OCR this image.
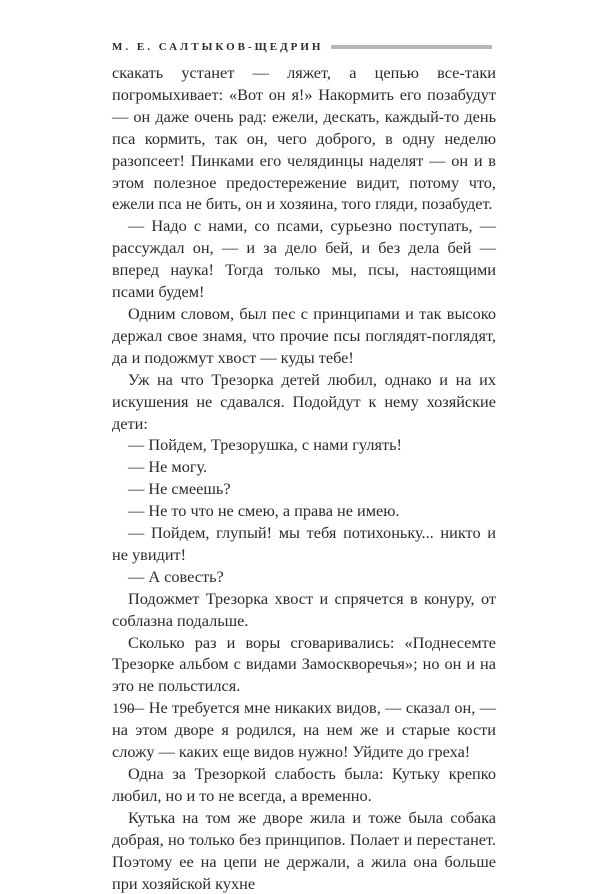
М. Е. САЛТЫКОВ-ЩЕДРИН

скакать устанет — ляжет, а цепью все-таки погромыхивает: «Вот он я!» Накормить его позабудут — он даже очень рад: ежели, дескать, каждый-то день пса кормить, так он, чего доброго, в одну неделю разопсеет! Пинками его челядинцы наделят — он и в этом полезное предостережение видит, потому что, ежели пса не бить, он и хозяина, того гляди, позабудет.

— Надо с нами, со псами, сурьезно поступать, — рассуждал он, — и за дело бей, и без дела бей — вперед наука! Тогда только мы, псы, настоящими псами будем!

Одним словом, был пес с принципами и так высоко держал свое знамя, что прочие псы поглядят-поглядят, да и подожмут хвост — куды тебе!

Уж на что Трезорка детей любил, однако и на их искушения не сдавался. Подойдут к нему хозяйские дети:

— Пойдем, Трезорушка, с нами гулять!

— Не могу.

— Не смеешь?

— Не то что не смею, а права не имею.

— Пойдем, глупый! мы тебя потихоньку... никто и не увидит!

— А совесть?

Подожмет Трезорка хвост и спрячется в конуру, от соблазна подальше.

Сколько раз и воры сговаривались: «Поднесемте Трезорке альбом с видами Замоскворечья»; но он и на это не польстился.

— Не требуется мне никаких видов, — сказал он, — на этом дворе я родился, на нем же и старые кости сложу — каких еще видов нужно! Уйдите до греха!

Одна за Трезоркой слабость была: Кутьку крепко любил, но и то не всегда, а временно.

Кутька на том же дворе жила и тоже была собака добрая, но только без принципов. Полает и перестанет. Поэтому ее на цепи не держали, а жила она больше при хозяйской кухне

190
